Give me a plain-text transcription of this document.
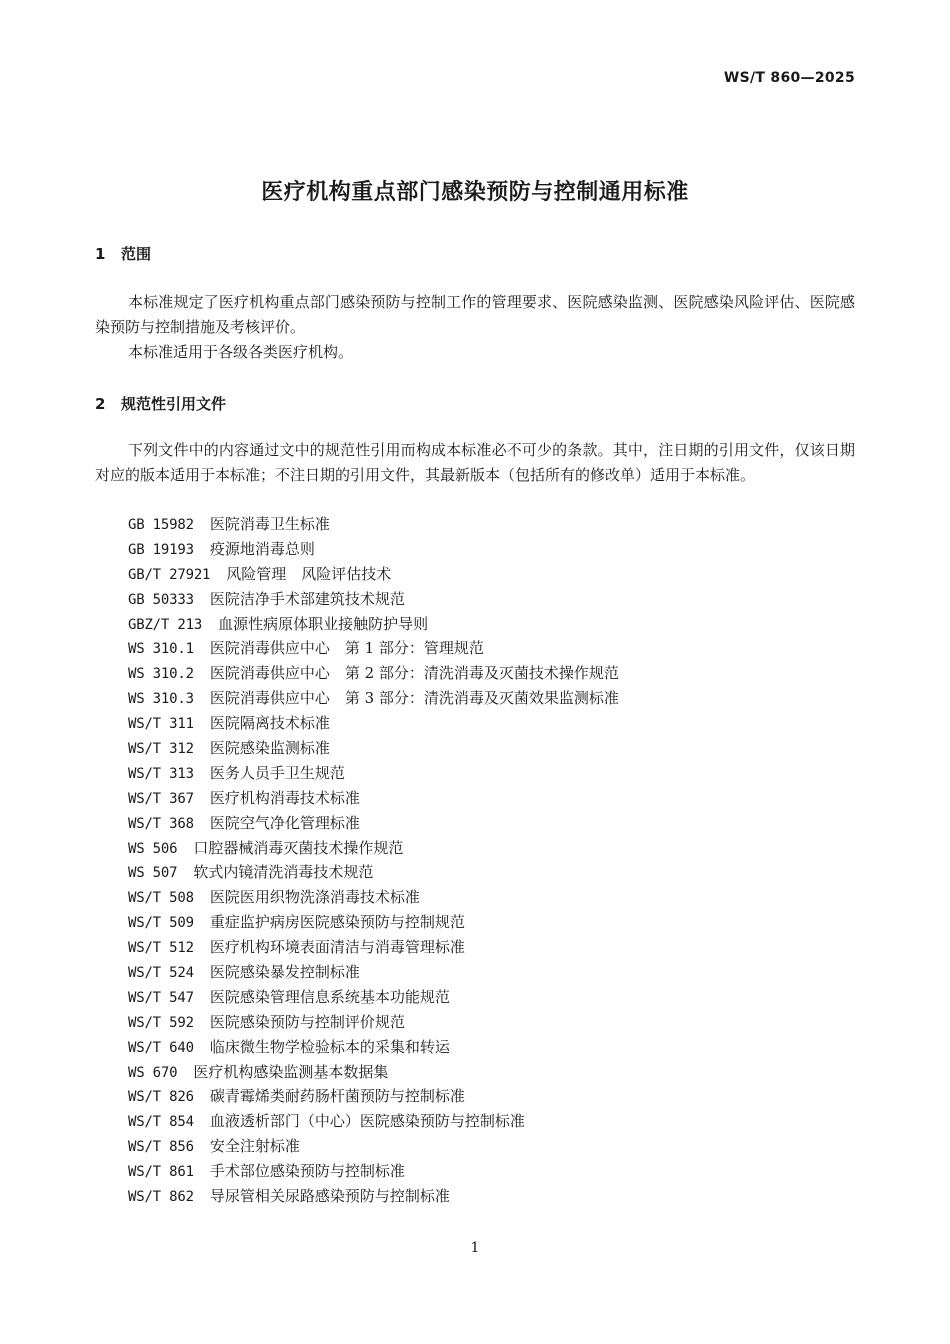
WS/T 860—2025
医疗机构重点部门感染预防与控制通用标准
1 范围
本标准规定了医疗机构重点部门感染预防与控制工作的管理要求、医院感染监测、医院感染风险评估、医院感染预防与控制措施及考核评价。
本标准适用于各级各类医疗机构。
2 规范性引用文件
下列文件中的内容通过文中的规范性引用而构成本标准必不可少的条款。其中，注日期的引用文件，仅该日期对应的版本适用于本标准；不注日期的引用文件，其最新版本（包括所有的修改单）适用于本标准。
GB 15982 医院消毒卫生标准
GB 19193 疫源地消毒总则
GB/T 27921 风险管理　风险评估技术
GB 50333 医院洁净手术部建筑技术规范
GBZ/T 213 血源性病原体职业接触防护导则
WS 310.1 医院消毒供应中心　第 1 部分：管理规范
WS 310.2 医院消毒供应中心　第 2 部分：清洗消毒及灭菌技术操作规范
WS 310.3 医院消毒供应中心　第 3 部分：清洗消毒及灭菌效果监测标准
WS/T 311 医院隔离技术标准
WS/T 312 医院感染监测标准
WS/T 313 医务人员手卫生规范
WS/T 367 医疗机构消毒技术标准
WS/T 368 医院空气净化管理标准
WS 506 口腔器械消毒灭菌技术操作规范
WS 507 软式内镜清洗消毒技术规范
WS/T 508 医院医用织物洗涤消毒技术标准
WS/T 509 重症监护病房医院感染预防与控制规范
WS/T 512 医疗机构环境表面清洁与消毒管理标准
WS/T 524 医院感染暴发控制标准
WS/T 547 医院感染管理信息系统基本功能规范
WS/T 592 医院感染预防与控制评价规范
WS/T 640 临床微生物学检验标本的采集和转运
WS 670 医疗机构感染监测基本数据集
WS/T 826 碳青霉烯类耐药肠杆菌预防与控制标准
WS/T 854 血液透析部门（中心）医院感染预防与控制标准
WS/T 856 安全注射标准
WS/T 861 手术部位感染预防与控制标准
WS/T 862 导尿管相关尿路感染预防与控制标准
1
